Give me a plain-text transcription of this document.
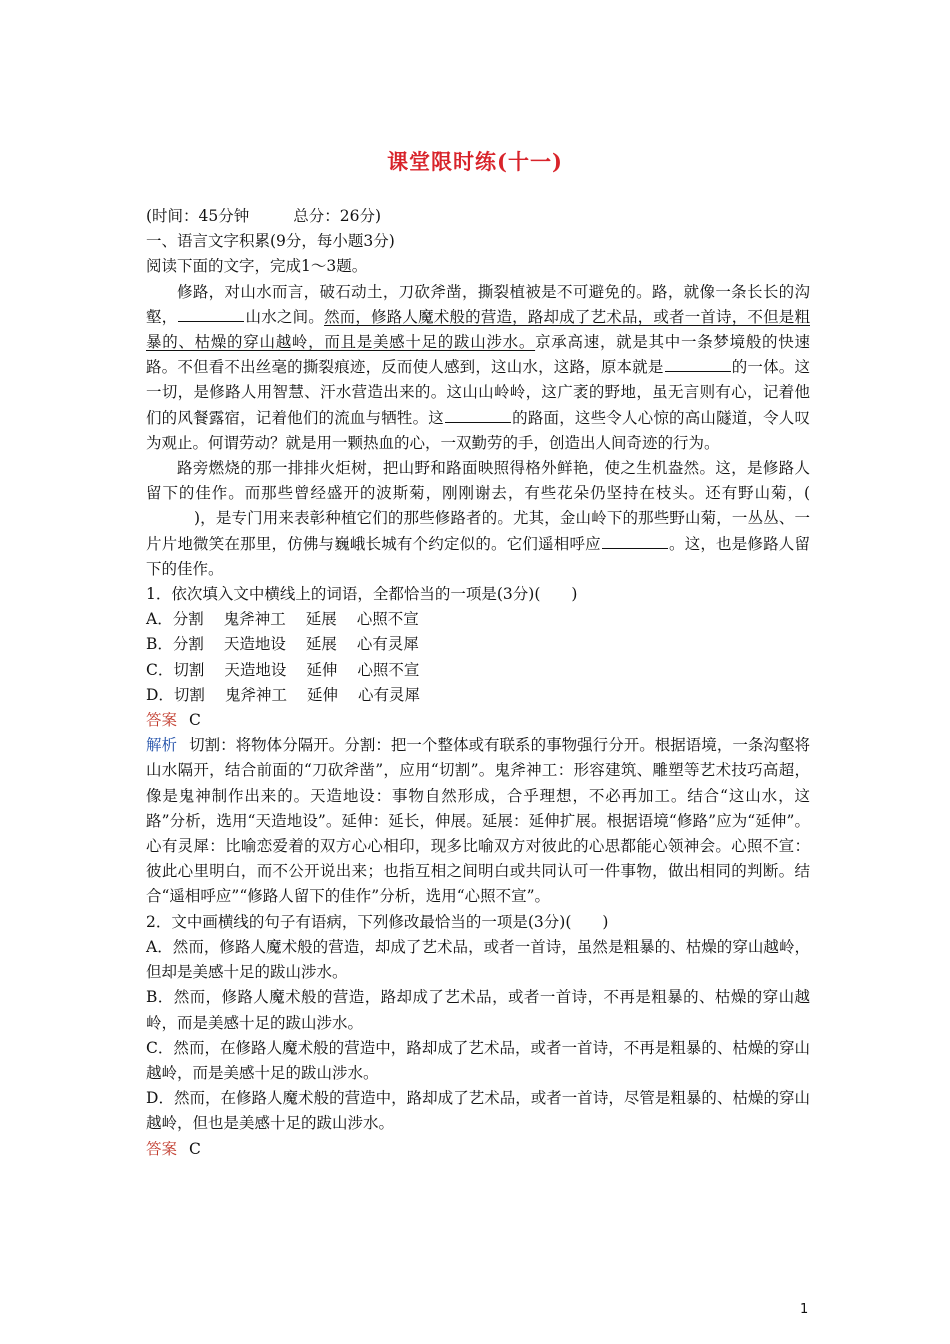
课堂限时练(十一)
(时间：45分钟	总分：26分)
一、语言文字积累(9分，每小题3分)
阅读下面的文字，完成1～3题。
修路，对山水而言，破石动土，刀砍斧凿，撕裂植被是不可避免的。路，就像一条长长的沟壑，	山水之间。然而，修路人魔术般的营造，路却成了艺术品，或者一首诗，不但是粗暴的、枯燥的穿山越岭，而且是美感十足的跋山涉水。京承高速，就是其中一条梦境般的快速路。不但看不出丝毫的撕裂痕迹，反而使人感到，这山水，这路，原本就是	的一体。这一切，是修路人用智慧、汗水营造出来的。这山山岭岭，这广袤的野地，虽无言则有心，记着他们的风餐露宿，记着他们的流血与牺牲。这	的路面，这些令人心惊的高山隧道，令人叹为观止。何谓劳动？就是用一颗热血的心，一双勤劳的手，创造出人间奇迹的行为。
路旁燃烧的那一排排火炬树，把山野和路面映照得格外鲜艳，使之生机盎然。这，是修路人留下的佳作。而那些曾经盛开的波斯菊，刚刚谢去，有些花朵仍坚持在枝头。还有野山菊，()，是专门用来表彰种植它们的那些修路者的。尤其，金山岭下的那些野山菊，一丛丛、一片片地微笑在那里，仿佛与巍峨长城有个约定似的。它们遥相呼应	。这，也是修路人留下的佳作。
1．依次填入文中横线上的词语，全都恰当的一项是(3分)(　　)
A．分割 鬼斧神工 延展 心照不宣
B．分割 天造地设 延展 心有灵犀
C．切割 天造地设 延伸 心照不宣
D．切割 鬼斧神工 延伸 心有灵犀
答案 C
解析 切割：将物体分隔开。分割：把一个整体或有联系的事物强行分开。根据语境，一条沟壑将山水隔开，结合前面的“刀砍斧凿”，应用“切割”。鬼斧神工：形容建筑、雕塑等艺术技巧高超，像是鬼神制作出来的。天造地设：事物自然形成，合乎理想，不必再加工。结合“这山水，这路”分析，选用“天造地设”。延伸：延长，伸展。延展：延伸扩展。根据语境“修路”应为“延伸”。心有灵犀：比喻恋爱着的双方心心相印，现多比喻双方对彼此的心思都能心领神会。心照不宣：彼此心里明白，而不公开说出来；也指互相之间明白或共同认可一件事物，做出相同的判断。结合“遥相呼应”“修路人留下的佳作”分析，选用“心照不宣”。
2．文中画横线的句子有语病，下列修改最恰当的一项是(3分)(　　)
A．然而，修路人魔术般的营造，却成了艺术品，或者一首诗，虽然是粗暴的、枯燥的穿山越岭，但却是美感十足的跋山涉水。
B．然而，修路人魔术般的营造，路却成了艺术品，或者一首诗，不再是粗暴的、枯燥的穿山越岭，而是美感十足的跋山涉水。
C．然而，在修路人魔术般的营造中，路却成了艺术品，或者一首诗，不再是粗暴的、枯燥的穿山越岭，而是美感十足的跋山涉水。
D．然而，在修路人魔术般的营造中，路却成了艺术品，或者一首诗，尽管是粗暴的、枯燥的穿山越岭，但也是美感十足的跋山涉水。
答案 C
1
